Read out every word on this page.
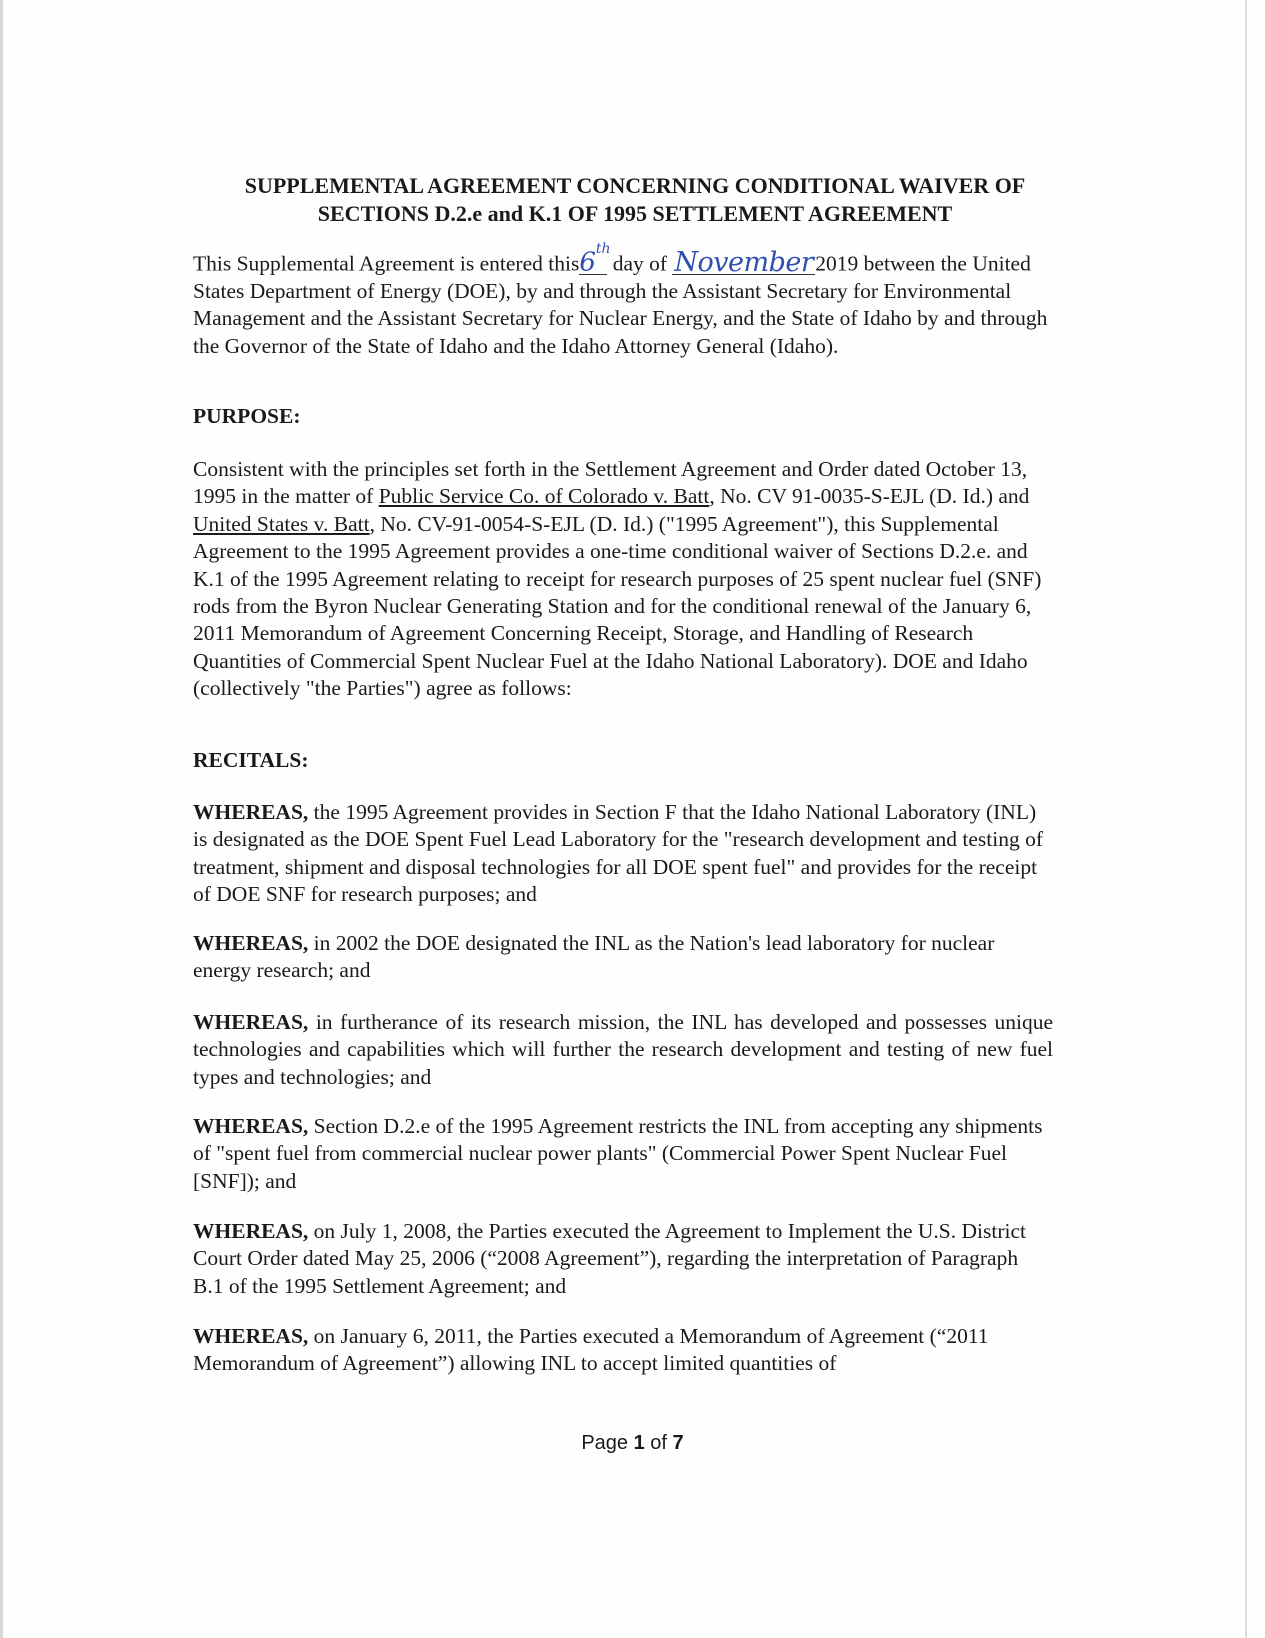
SUPPLEMENTAL AGREEMENT CONCERNING CONDITIONAL WAIVER OF
SECTIONS D.2.e and K.1 OF 1995 SETTLEMENT AGREEMENT

This Supplemental Agreement is entered this6th day of November2019 between the United States Department of Energy (DOE), by and through the Assistant Secretary for Environmental Management and the Assistant Secretary for Nuclear Energy, and the State of Idaho by and through the Governor of the State of Idaho and the Idaho Attorney General (Idaho).

PURPOSE:

Consistent with the principles set forth in the Settlement Agreement and Order dated October 13, 1995 in the matter of Public Service Co. of Colorado v. Batt, No. CV 91-0035-S-EJL (D. Id.) and United States v. Batt, No. CV-91-0054-S-EJL (D. Id.) ("1995 Agreement"), this Supplemental Agreement to the 1995 Agreement provides a one-time conditional waiver of Sections D.2.e. and K.1 of the 1995 Agreement relating to receipt for research purposes of 25 spent nuclear fuel (SNF) rods from the Byron Nuclear Generating Station and for the conditional renewal of the January 6, 2011 Memorandum of Agreement Concerning Receipt, Storage, and Handling of Research Quantities of Commercial Spent Nuclear Fuel at the Idaho National Laboratory). DOE and Idaho (collectively "the Parties") agree as follows:

RECITALS:

WHEREAS, the 1995 Agreement provides in Section F that the Idaho National Laboratory (INL) is designated as the DOE Spent Fuel Lead Laboratory for the "research development and testing of treatment, shipment and disposal technologies for all DOE spent fuel" and provides for the receipt of DOE SNF for research purposes; and

WHEREAS, in 2002 the DOE designated the INL as the Nation's lead laboratory for nuclear energy research; and

WHEREAS, in furtherance of its research mission, the INL has developed and possesses unique technologies and capabilities which will further the research development and testing of new fuel types and technologies; and

WHEREAS, Section D.2.e of the 1995 Agreement restricts the INL from accepting any shipments of "spent fuel from commercial nuclear power plants" (Commercial Power Spent Nuclear Fuel [SNF]); and

WHEREAS, on July 1, 2008, the Parties executed the Agreement to Implement the U.S. District Court Order dated May 25, 2006 (“2008 Agreement”), regarding the interpretation of Paragraph B.1 of the 1995 Settlement Agreement; and

WHEREAS, on January 6, 2011, the Parties executed a Memorandum of Agreement (“2011 Memorandum of Agreement”) allowing INL to accept limited quantities of

Page 1 of 7
